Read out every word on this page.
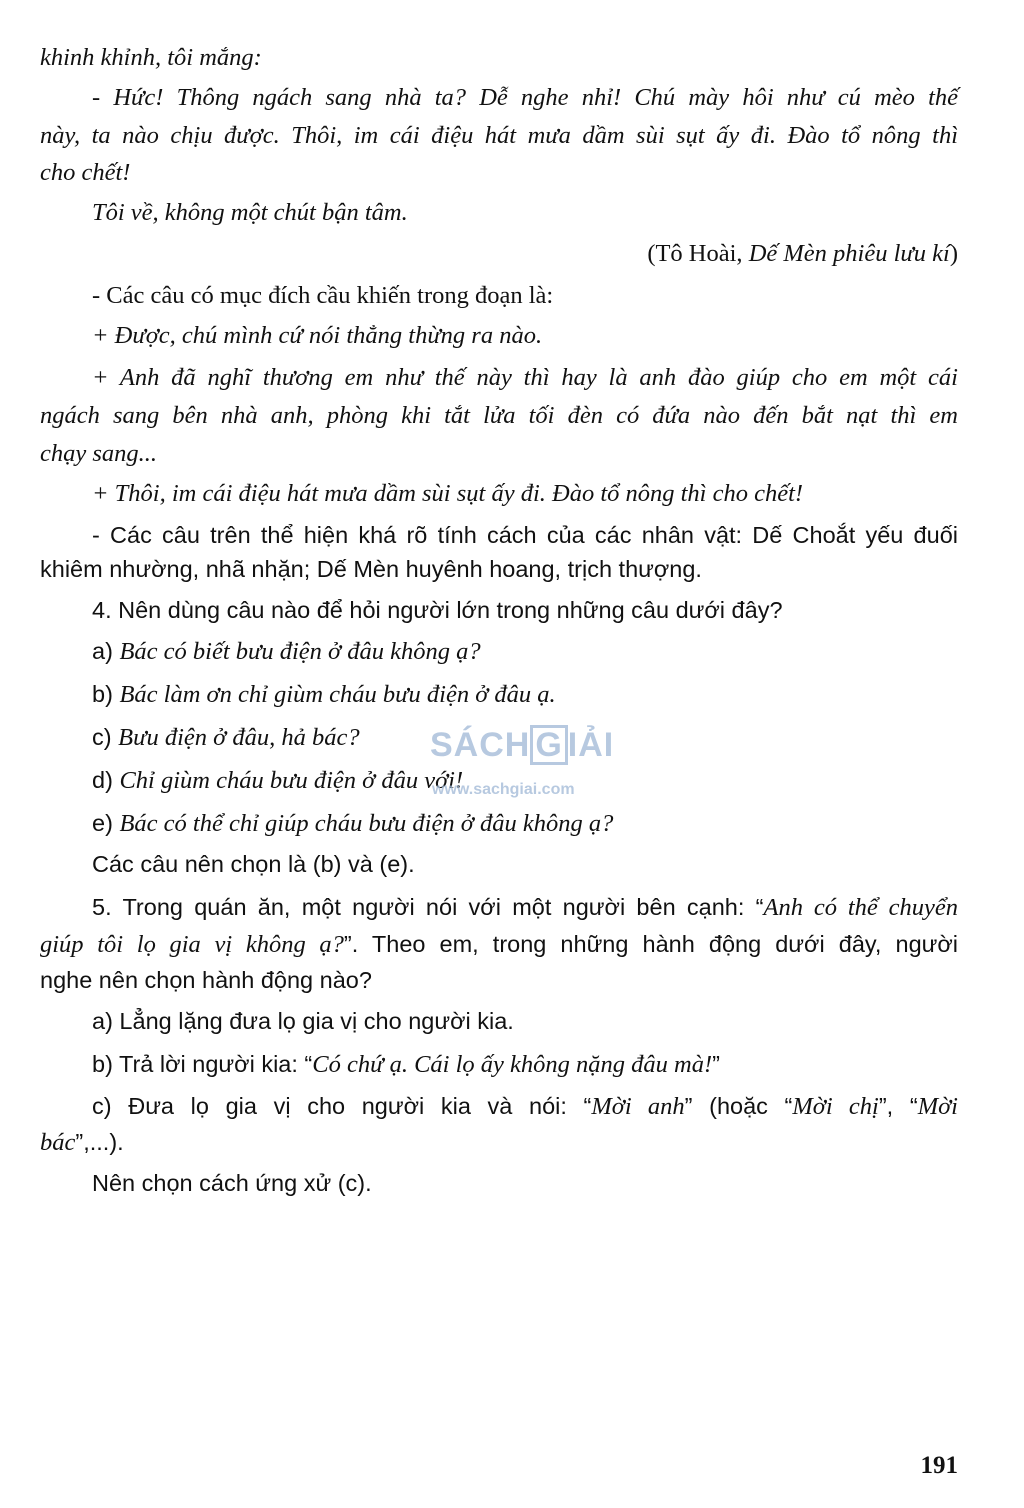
khinh khỉnh, tôi mắng:
- Hức! Thông ngách sang nhà ta? Dễ nghe nhỉ! Chú mày hôi như cú mèo thế
này, ta nào chịu được. Thôi, im cái điệu hát mưa dầm sùi sụt ấy đi. Đào tổ nông thì
cho chết!
Tôi về, không một chút bận tâm.
(Tô Hoài, Dế Mèn phiêu lưu kí)
- Các câu có mục đích cầu khiến trong đoạn là:
+ Được, chú mình cứ nói thẳng thừng ra nào.
+ Anh đã nghĩ thương em như thế này thì hay là anh đào giúp cho em một cái
ngách sang bên nhà anh, phòng khi tắt lửa tối đèn có đứa nào đến bắt nạt thì em
chạy sang...
+ Thôi, im cái điệu hát mưa dầm sùi sụt ấy đi. Đào tổ nông thì cho chết!
- Các câu trên thể hiện khá rõ tính cách của các nhân vật: Dế Choắt yếu đuối
khiêm nhường, nhã nhặn; Dế Mèn huyênh hoang, trịch thượng.
4. Nên dùng câu nào để hỏi người lớn trong những câu dưới đây?
a) Bác có biết bưu điện ở đâu không ạ?
b) Bác làm ơn chỉ giùm cháu bưu điện ở đâu ạ.
c) Bưu điện ở đâu, hả bác?
d) Chỉ giùm cháu bưu điện ở đâu với!
e) Bác có thể chỉ giúp cháu bưu điện ở đâu không ạ?
Các câu nên chọn là (b) và (e).
5. Trong quán ăn, một người nói với một người bên cạnh: “Anh có thể chuyển
giúp tôi lọ gia vị không ạ?”. Theo em, trong những hành động dưới đây, người
nghe nên chọn hành động nào?
a) Lẳng lặng đưa lọ gia vị cho người kia.
b) Trả lời người kia: “Có chứ ạ. Cái lọ ấy không nặng đâu mà!”
c) Đưa lọ gia vị cho người kia và nói: “Mời anh” (hoặc “Mời chị”, “Mời
bác”,...).
Nên chọn cách ứng xử (c).
SÁCH G IẢI
www.sachgiai.com
191
